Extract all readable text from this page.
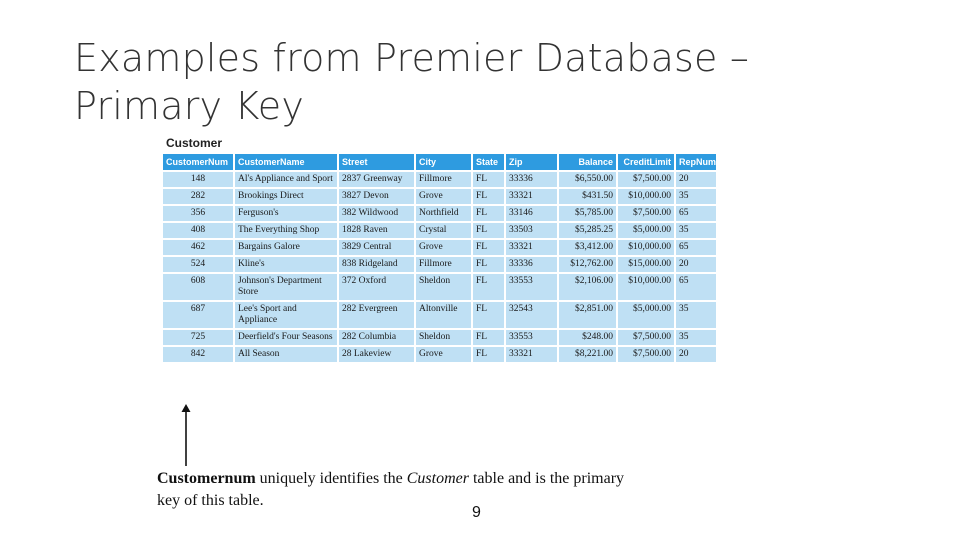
Examples from Premier Database – Primary Key
Customer
CustomerNum	CustomerName	Street	City	State	Zip	Balance	CreditLimit	RepNum
148	Al's Appliance and Sport	2837 Greenway	Fillmore	FL	33336	$6,550.00	$7,500.00	20
282	Brookings Direct	3827 Devon	Grove	FL	33321	$431.50	$10,000.00	35
356	Ferguson's	382 Wildwood	Northfield	FL	33146	$5,785.00	$7,500.00	65
408	The Everything Shop	1828 Raven	Crystal	FL	33503	$5,285.25	$5,000.00	35
462	Bargains Galore	3829 Central	Grove	FL	33321	$3,412.00	$10,000.00	65
524	Kline's	838 Ridgeland	Fillmore	FL	33336	$12,762.00	$15,000.00	20
608	Johnson's Department Store	372 Oxford	Sheldon	FL	33553	$2,106.00	$10,000.00	65
687	Lee's Sport and Appliance	282 Evergreen	Altonville	FL	32543	$2,851.00	$5,000.00	35
725	Deerfield's Four Seasons	282 Columbia	Sheldon	FL	33553	$248.00	$7,500.00	35
842	All Season	28 Lakeview	Grove	FL	33321	$8,221.00	$7,500.00	20
Customernum uniquely identifies the Customer table and is the primary key of this table.
9
